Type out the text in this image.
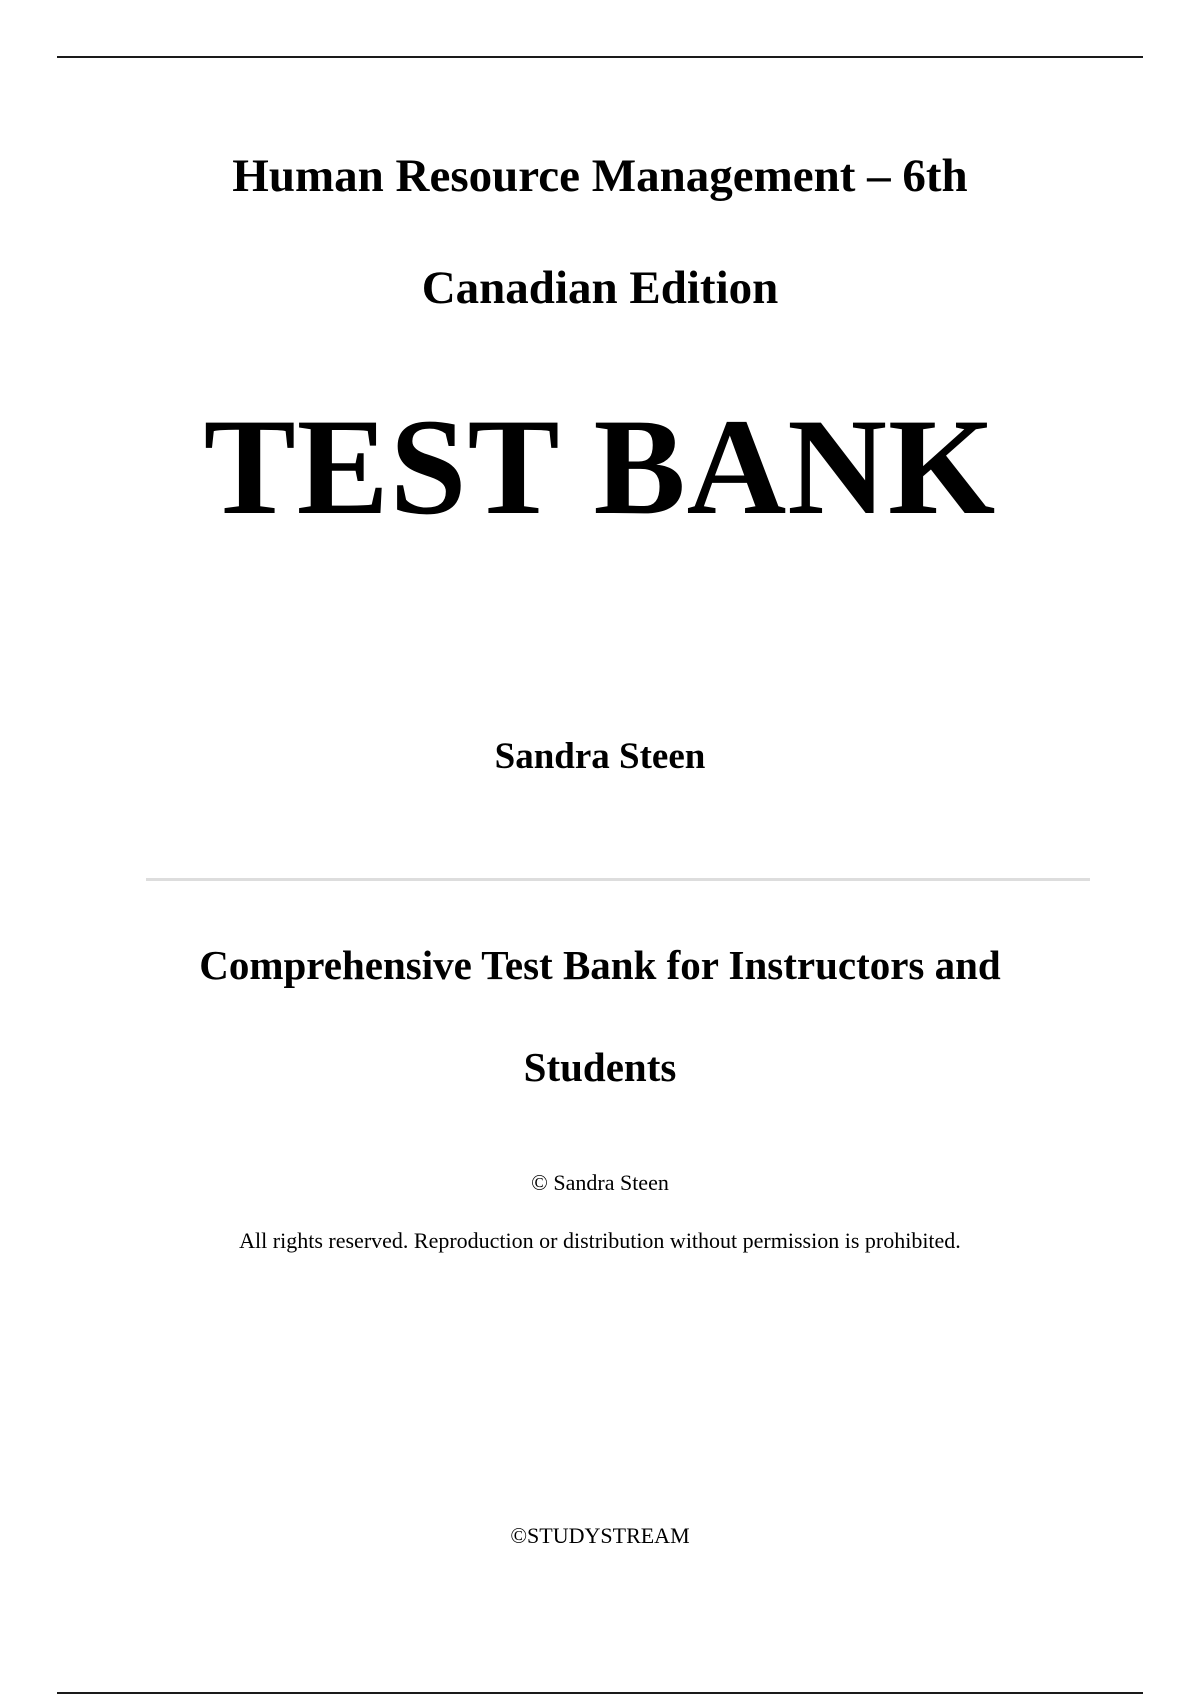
Human Resource Management – 6th
Canadian Edition
TEST BANK
Sandra Steen
Comprehensive Test Bank for Instructors and
Students
© Sandra Steen
All rights reserved. Reproduction or distribution without permission is prohibited.
©STUDYSTREAM
